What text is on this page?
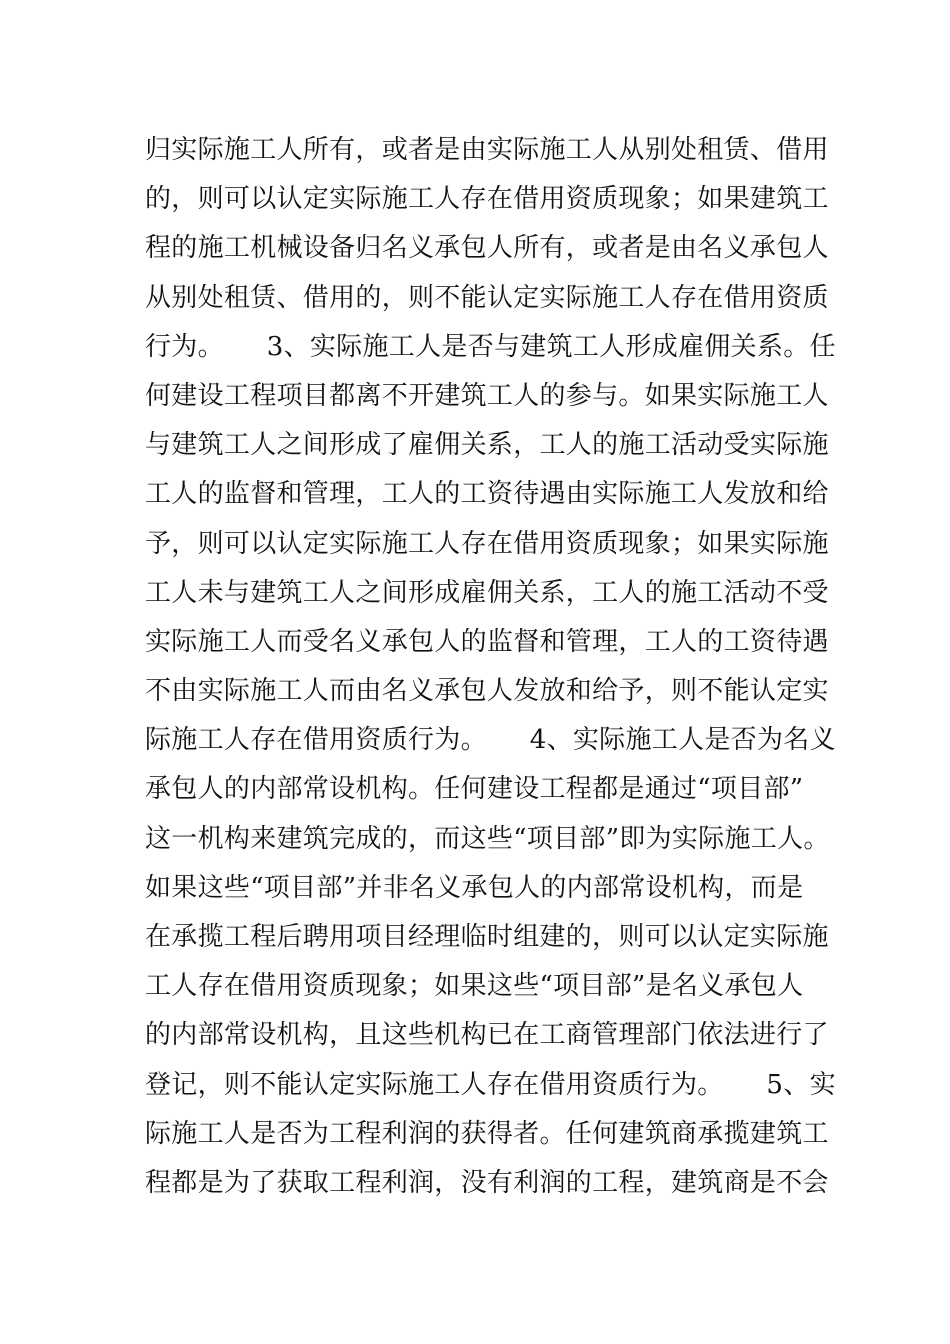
归实际施工人所有，或者是由实际施工人从别处租赁、借用
的，则可以认定实际施工人存在借用资质现象；如果建筑工
程的施工机械设备归名义承包人所有，或者是由名义承包人
从别处租赁、借用的，则不能认定实际施工人存在借用资质
行为。     3、实际施工人是否与建筑工人形成雇佣关系。任
何建设工程项目都离不开建筑工人的参与。如果实际施工人
与建筑工人之间形成了雇佣关系，工人的施工活动受实际施
工人的监督和管理，工人的工资待遇由实际施工人发放和给
予，则可以认定实际施工人存在借用资质现象；如果实际施
工人未与建筑工人之间形成雇佣关系，工人的施工活动不受
实际施工人而受名义承包人的监督和管理，工人的工资待遇
不由实际施工人而由名义承包人发放和给予，则不能认定实
际施工人存在借用资质行为。     4、实际施工人是否为名义
承包人的内部常设机构。任何建设工程都是通过“项目部”
这一机构来建筑完成的，而这些“项目部”即为实际施工人。
如果这些“项目部”并非名义承包人的内部常设机构，而是
在承揽工程后聘用项目经理临时组建的，则可以认定实际施
工人存在借用资质现象；如果这些“项目部”是名义承包人
的内部常设机构，且这些机构已在工商管理部门依法进行了
登记，则不能认定实际施工人存在借用资质行为。     5、实
际施工人是否为工程利润的获得者。任何建筑商承揽建筑工
程都是为了获取工程利润，没有利润的工程，建筑商是不会
